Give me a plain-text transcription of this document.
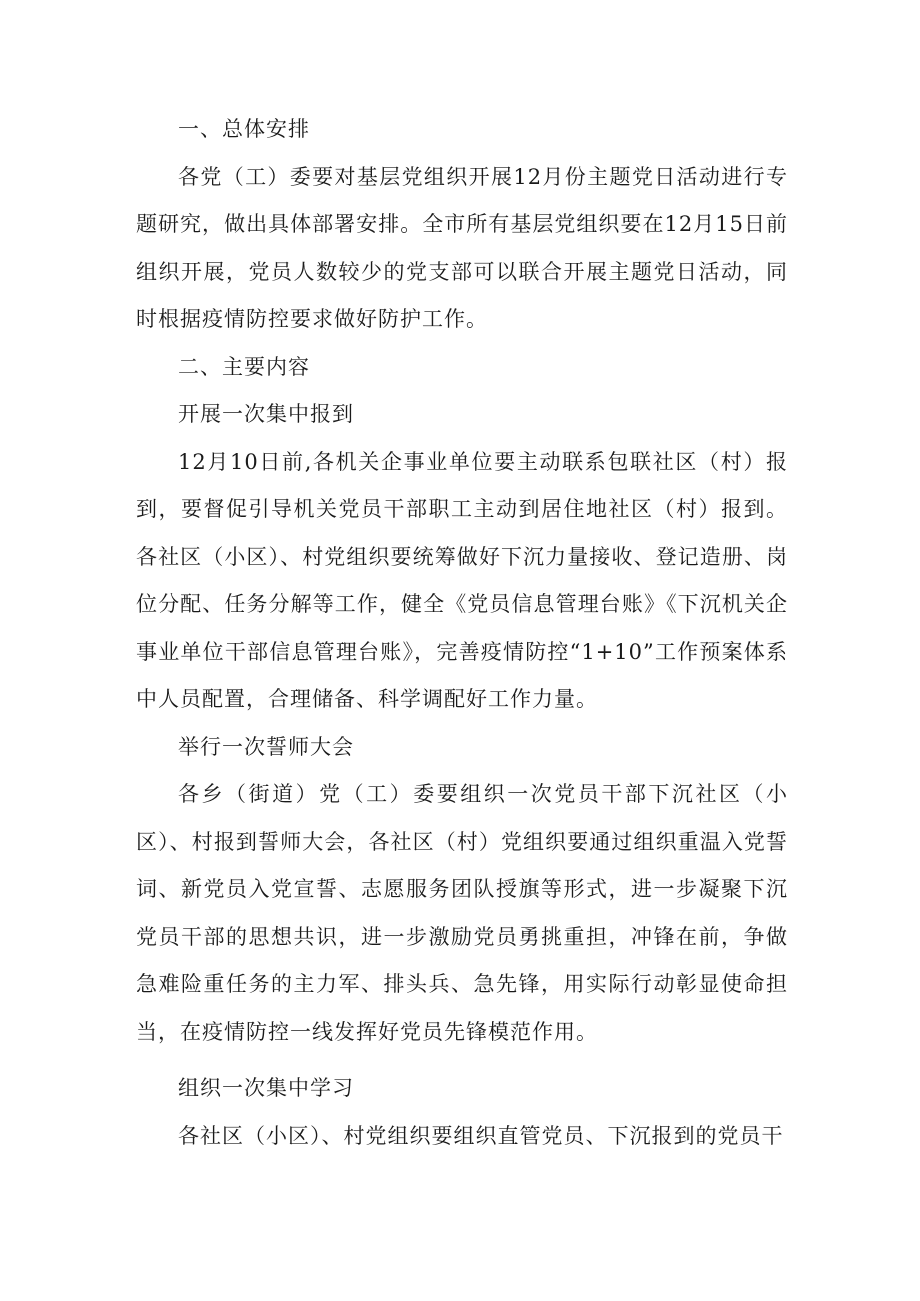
一、总体安排

各党（工）委要对基层党组织开展12月份主题党日活动进行专题研究，做出具体部署安排。全市所有基层党组织要在12月15日前组织开展，党员人数较少的党支部可以联合开展主题党日活动，同时根据疫情防控要求做好防护工作。

二、主要内容

开展一次集中报到

12月10日前,各机关企事业单位要主动联系包联社区（村）报到，要督促引导机关党员干部职工主动到居住地社区（村）报到。各社区（小区）、村党组织要统筹做好下沉力量接收、登记造册、岗位分配、任务分解等工作，健全《党员信息管理台账》《下沉机关企事业单位干部信息管理台账》，完善疫情防控“1+10”工作预案体系中人员配置，合理储备、科学调配好工作力量。

举行一次誓师大会

各乡（街道）党（工）委要组织一次党员干部下沉社区（小区）、村报到誓师大会，各社区（村）党组织要通过组织重温入党誓词、新党员入党宣誓、志愿服务团队授旗等形式，进一步凝聚下沉党员干部的思想共识，进一步激励党员勇挑重担，冲锋在前，争做急难险重任务的主力军、排头兵、急先锋，用实际行动彰显使命担当，在疫情防控一线发挥好党员先锋模范作用。

组织一次集中学习

各社区（小区）、村党组织要组织直管党员、下沉报到的党员干
